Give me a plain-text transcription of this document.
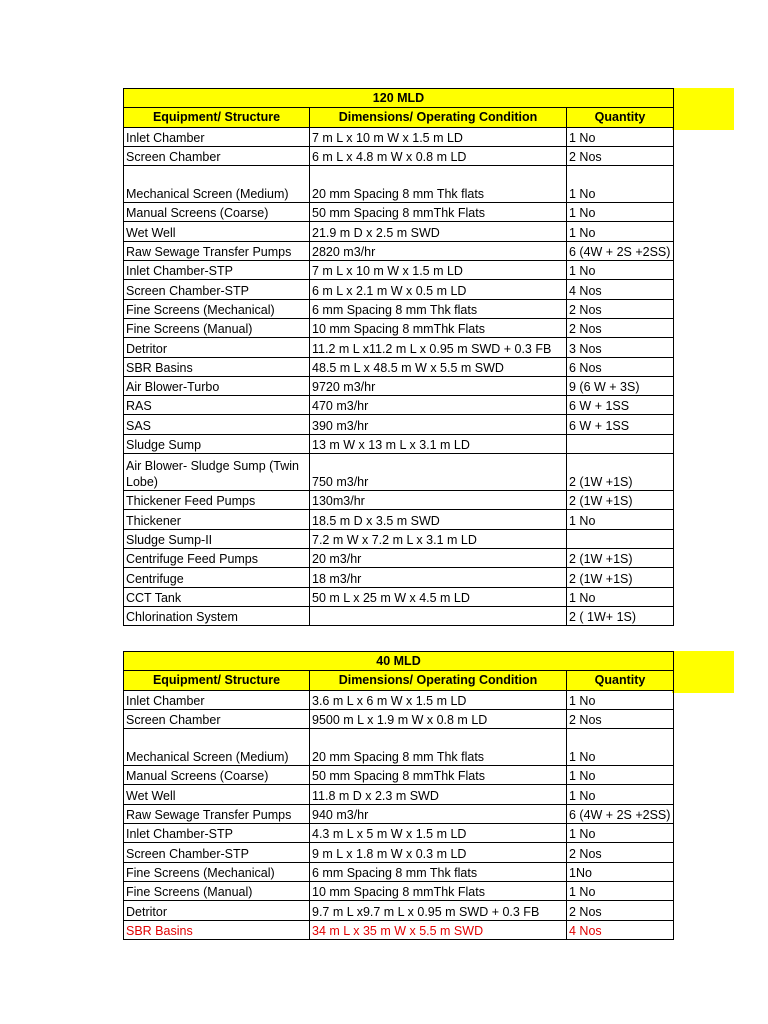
120 MLD		
Equipment/ Structure	Dimensions/ Operating Condition	Quantity
Inlet Chamber	7 m L x 10 m W x 1.5 m LD	1 No
Screen Chamber	6 m L x 4.8 m W x 0.8 m LD	2 Nos
Mechanical Screen (Medium)	20 mm Spacing 8 mm Thk flats	1 No
Manual Screens (Coarse)	50 mm Spacing 8 mmThk Flats	1 No
Wet Well	21.9 m D x 2.5 m SWD	1 No
Raw Sewage Transfer Pumps	2820 m3/hr	6 (4W + 2S +2SS)
Inlet Chamber-STP	7 m L x 10 m W x 1.5 m LD	1 No
Screen Chamber-STP	6 m L x 2.1 m W x 0.5 m LD	4 Nos
Fine Screens (Mechanical)	6 mm Spacing 8 mm Thk flats	2 Nos
Fine Screens (Manual)	10 mm Spacing 8 mmThk Flats	2 Nos
Detritor	11.2 m L x11.2 m L x 0.95 m SWD + 0.3 FB	3 Nos
SBR Basins	48.5 m L x 48.5 m W x 5.5 m SWD	6 Nos
Air Blower-Turbo	9720 m3/hr	9 (6 W + 3S)
RAS	470 m3/hr	6 W + 1SS
SAS	390 m3/hr	6 W + 1SS
Sludge Sump	13 m W x 13 m L x 3.1 m LD	
Air Blower- Sludge Sump (Twin Lobe)	750 m3/hr	2 (1W +1S)
Thickener Feed Pumps	130m3/hr	2 (1W +1S)
Thickener	18.5 m D x 3.5 m SWD	1 No
Sludge Sump-II	7.2 m W x 7.2 m L x 3.1 m LD	
Centrifuge Feed Pumps	20 m3/hr	2 (1W +1S)
Centrifuge	18 m3/hr	2 (1W +1S)
CCT Tank	50 m L x 25 m W x 4.5 m LD	1 No
Chlorination System		2 ( 1W+ 1S)
40 MLD		
Equipment/ Structure	Dimensions/ Operating Condition	Quantity
Inlet Chamber	3.6 m L x 6 m W x 1.5 m LD	1 No
Screen Chamber	9500 m L x 1.9 m W x 0.8 m LD	2 Nos
Mechanical Screen (Medium)	20 mm Spacing 8 mm Thk flats	1 No
Manual Screens (Coarse)	50 mm Spacing 8 mmThk Flats	1 No
Wet Well	11.8 m D x 2.3 m SWD	1 No
Raw Sewage Transfer Pumps	940 m3/hr	6 (4W + 2S +2SS)
Inlet Chamber-STP	4.3 m L x 5 m W x 1.5 m LD	1 No
Screen Chamber-STP	9 m L x 1.8 m W x 0.3 m LD	2 Nos
Fine Screens (Mechanical)	6 mm Spacing 8 mm Thk flats	1No
Fine Screens (Manual)	10 mm Spacing 8 mmThk Flats	1 No
Detritor	9.7 m L x9.7 m L x 0.95 m SWD + 0.3 FB	2 Nos
SBR Basins	34 m L x 35 m W x 5.5 m SWD	4 Nos
